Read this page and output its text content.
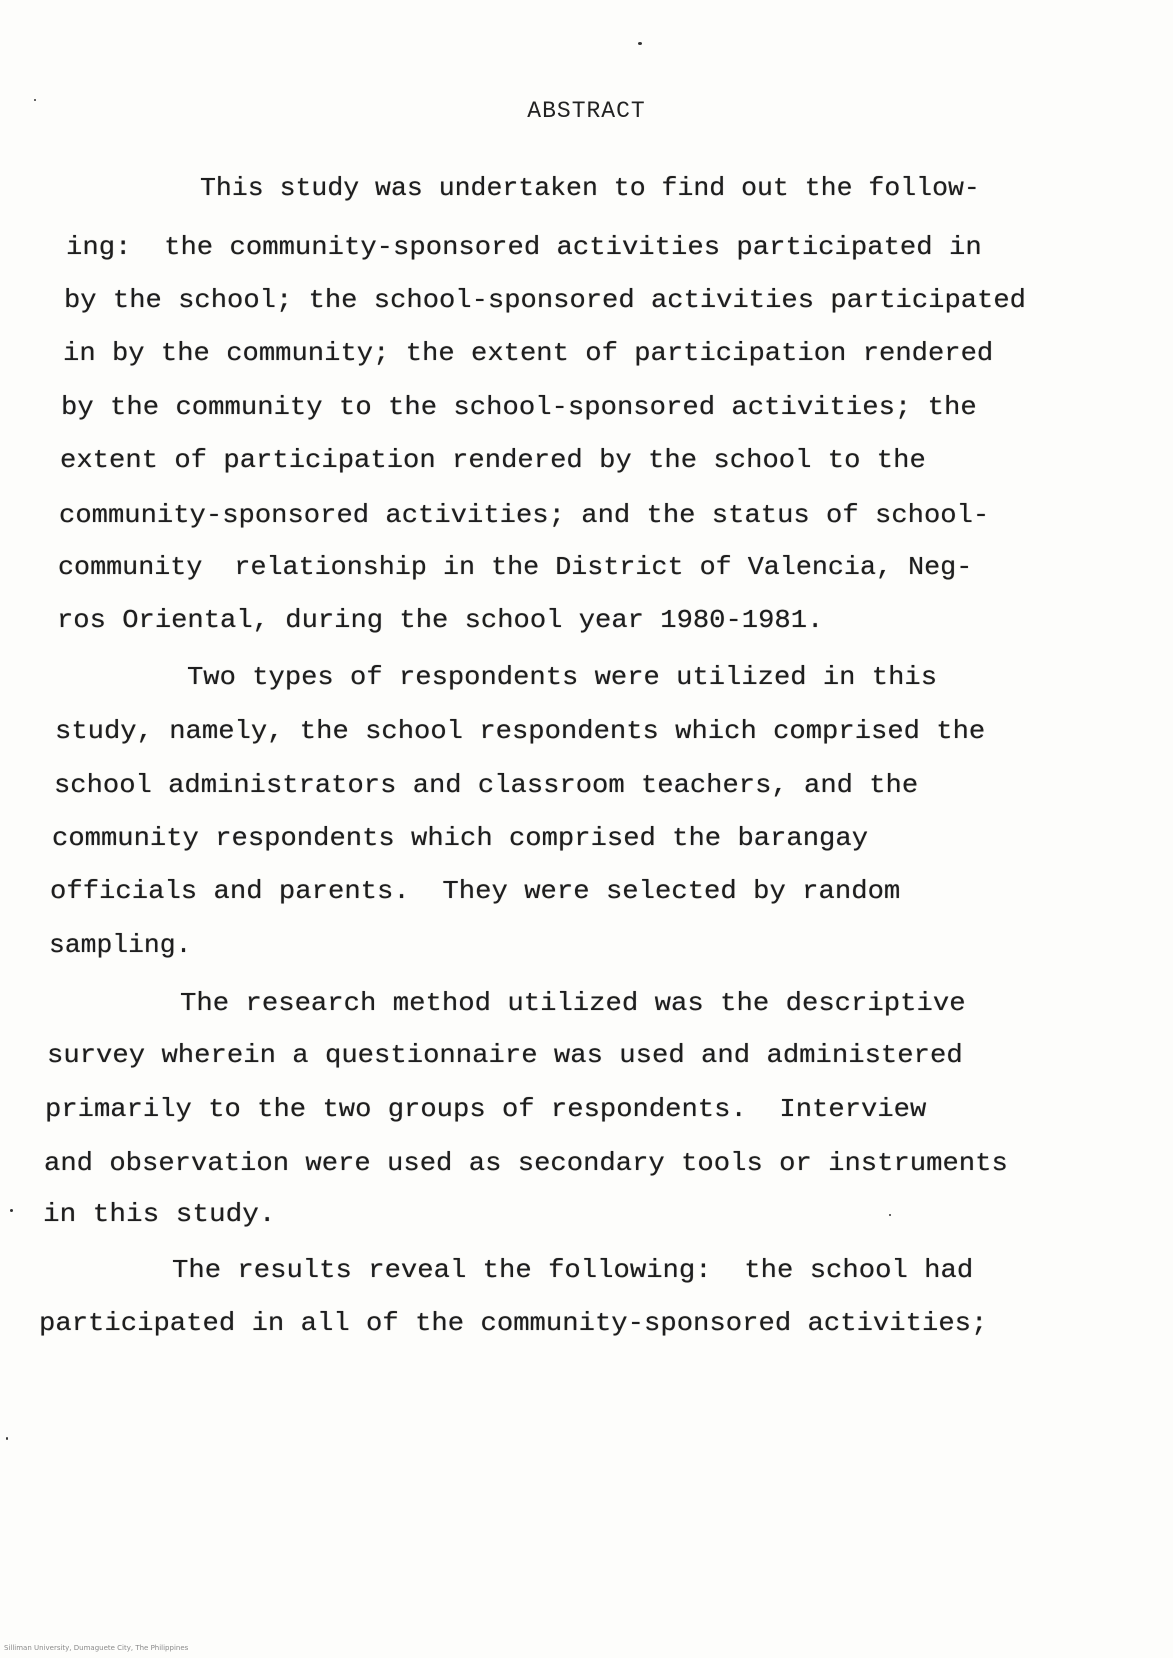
ABSTRACT
This study was undertaken to find out the follow-
ing:  the community-sponsored activities participated in
by the school; the school-sponsored activities participated
in by the community; the extent of participation rendered
by the community to the school-sponsored activities; the
extent of participation rendered by the school to the
community-sponsored activities; and the status of school-
community  relationship in the District of Valencia, Neg-
ros Oriental, during the school year 1980-1981.
Two types of respondents were utilized in this
study, namely, the school respondents which comprised the
school administrators and classroom teachers, and the
community respondents which comprised the barangay
officials and parents.  They were selected by random
sampling.
The research method utilized was the descriptive
survey wherein a questionnaire was used and administered
primarily to the two groups of respondents.  Interview
and observation were used as secondary tools or instruments
in this study.
The results reveal the following:  the school had
participated in all of the community-sponsored activities;
Silliman University, Dumaguete City, The Philippines
